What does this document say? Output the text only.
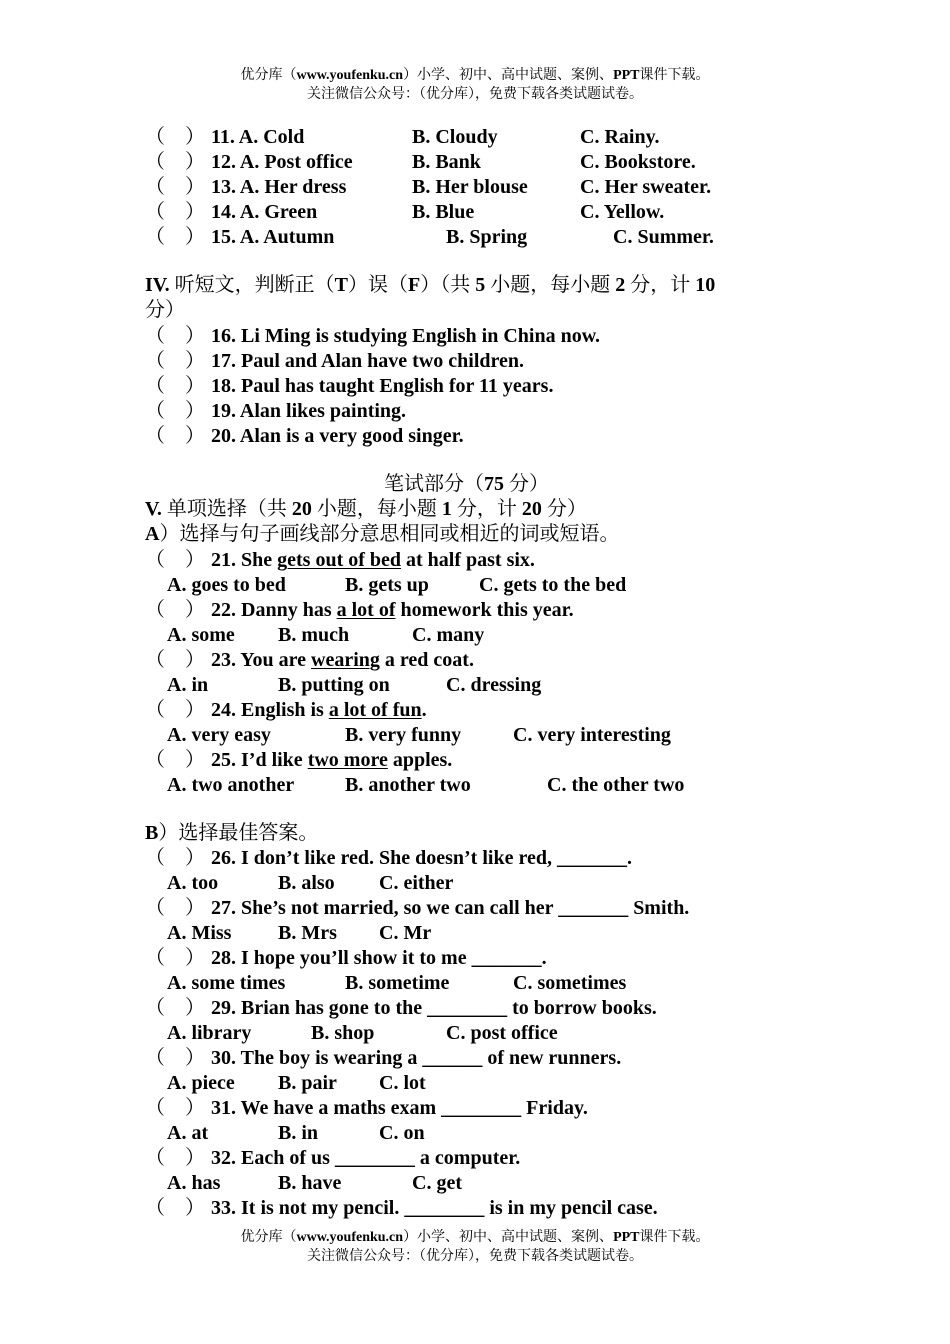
优分库（www.youfenku.cn）小学、初中、高中试题、案例、PPT课件下载。
关注微信公众号：（优分库），免费下载各类试题试卷。
（　） 11. A. Cold	B. Cloudy	C. Rainy.
（　） 12. A. Post office	B. Bank	C. Bookstore.
（　） 13. A. Her dress	B. Her blouse	C. Her sweater.
（　） 14. A. Green	B. Blue	C. Yellow.
（　） 15. A. Autumn	B. Spring	C. Summer.
IV. 听短文，判断正（T）误（F）（共 5 小题，每小题 2 分，计 10
分）
（　） 16. Li Ming is studying English in China now.
（　） 17. Paul and Alan have two children.
（　） 18. Paul has taught English for 11 years.
（　） 19. Alan likes painting.
（　） 20. Alan is a very good singer.
笔试部分（75 分）
V. 单项选择（共 20 小题，每小题 1 分，计 20 分）
A）选择与句子画线部分意思相同或相近的词或短语。
（　） 21. She gets out of bed at half past six.
A. goes to bed	B. gets up	C. gets to the bed
（　） 22. Danny has a lot of homework this year.
A. some B. much	C. many
（　） 23. You are wearing a red coat.
A. in	B. putting on	C. dressing
（　） 24. English is a lot of fun.
A. very easy	B. very funny	C. very interesting
（　） 25. I’d like two more apples.
A. two another	B. another two	C. the other two
B）选择最佳答案。
（　） 26. I don’t like red. She doesn’t like red, _______.
A. too	B. also C. either
（　） 27. She’s not married, so we can call her _______ Smith.
A. Miss B. Mrs C. Mr
（　） 28. I hope you’ll show it to me _______.
A. some times	B. sometime	C. sometimes
（　） 29. Brian has gone to the ________ to borrow books.
A. library	B. shop	C. post office
（　） 30. The boy is wearing a ______ of new runners.
A. piece B. pair C. lot
（　） 31. We have a maths exam ________ Friday.
A. at	B. in	C. on
（　） 32. Each of us ________ a computer.
A. has	B. have	C. get
（　） 33. It is not my pencil. ________ is in my pencil case.
优分库（www.youfenku.cn）小学、初中、高中试题、案例、PPT课件下载。
关注微信公众号：（优分库），免费下载各类试题试卷。
